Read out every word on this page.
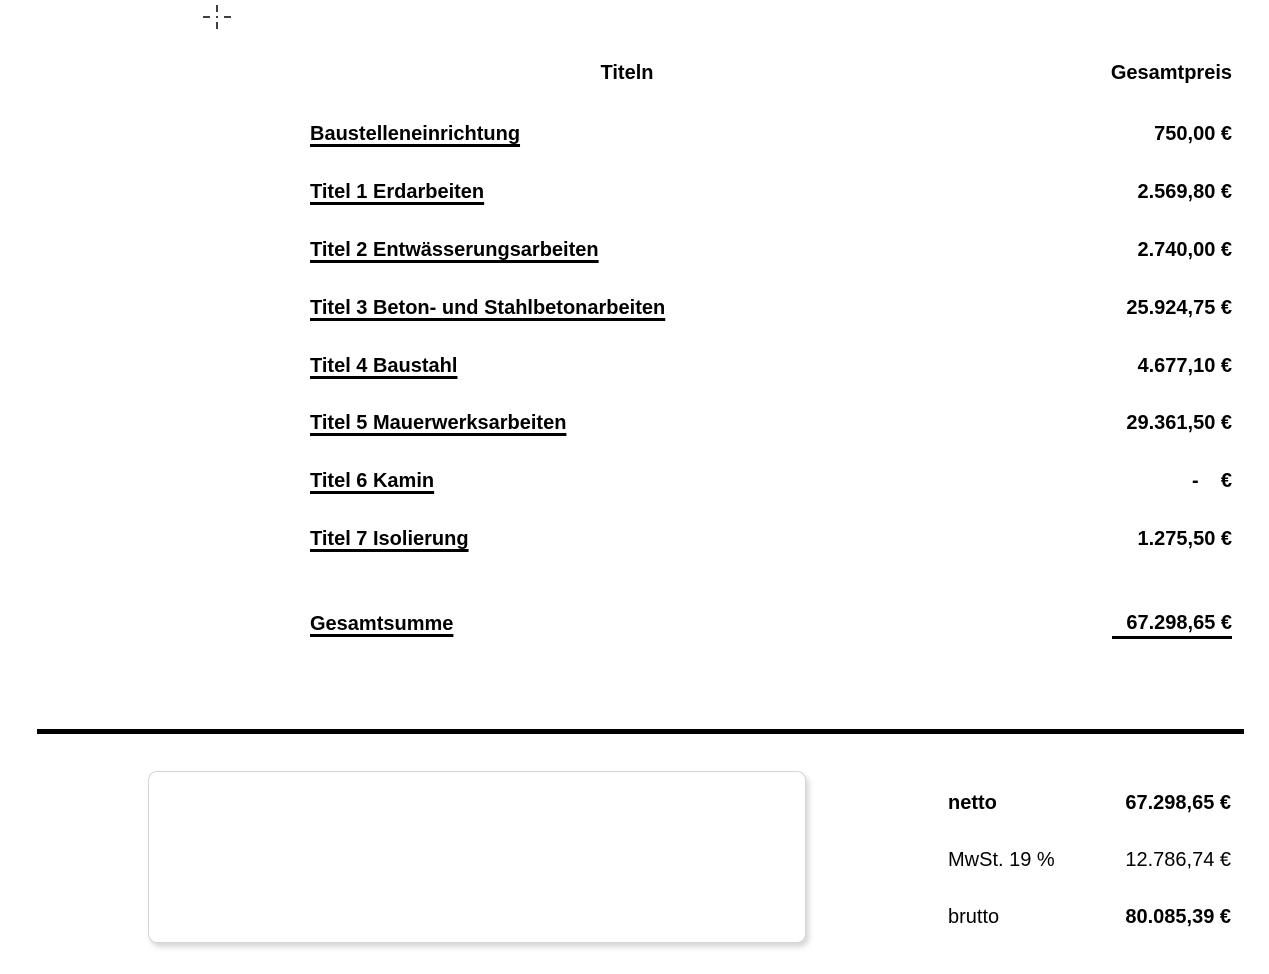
Titeln	Gesamtpreis
Baustelleneinrichtung	750,00 €
Titel 1 Erdarbeiten	2.569,80 €
Titel 2 Entwässerungsarbeiten	2.740,00 €
Titel 3 Beton- und Stahlbetonarbeiten	25.924,75 €
Titel 4 Baustahl	4.677,10 €
Titel 5 Mauerwerksarbeiten	29.361,50 €
Titel 6 Kamin	-    €
Titel 7 Isolierung	1.275,50 €
Gesamtsumme	67.298,65 €
netto	67.298,65 €
MwSt. 19 %	12.786,74 €
brutto	80.085,39 €
